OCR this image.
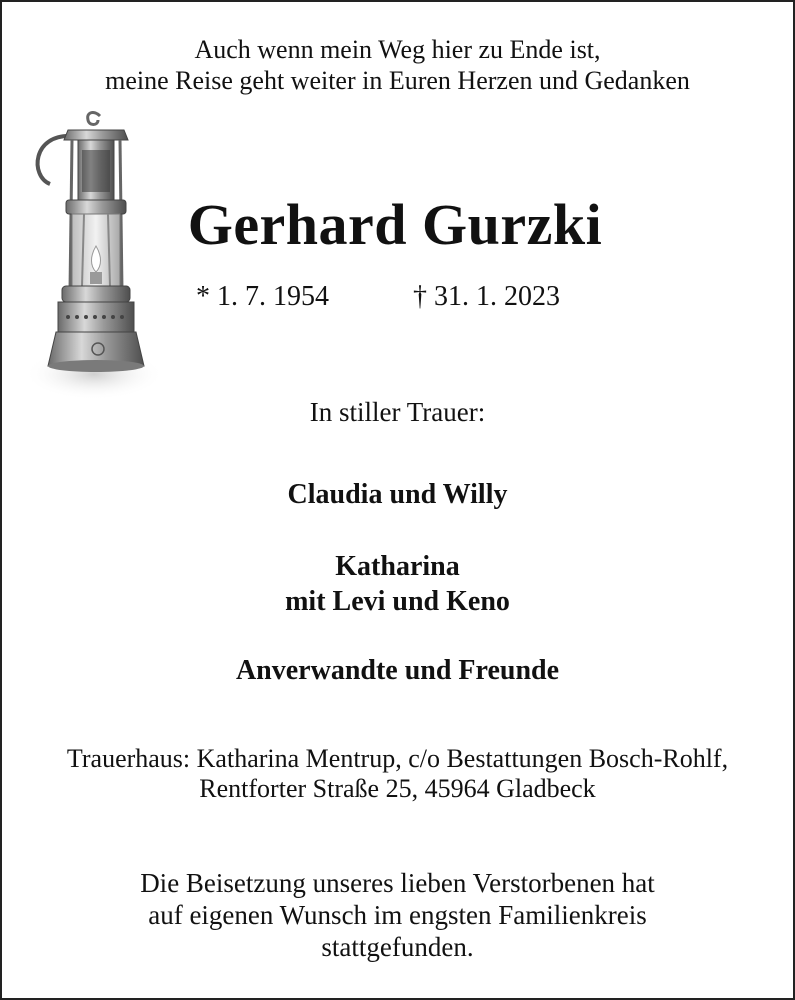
Auch wenn mein Weg hier zu Ende ist,
meine Reise geht weiter in Euren Herzen und Gedanken
Gerhard Gurzki
* 1. 7. 1954	† 31. 1. 2023
In stiller Trauer:
Claudia und Willy
Katharina
mit Levi und Keno
Anverwandte und Freunde
Trauerhaus: Katharina Mentrup, c/o Bestattungen Bosch-Rohlf,
Rentforter Straße 25, 45964 Gladbeck
Die Beisetzung unseres lieben Verstorbenen hat
auf eigenen Wunsch im engsten Familienkreis
stattgefunden.
